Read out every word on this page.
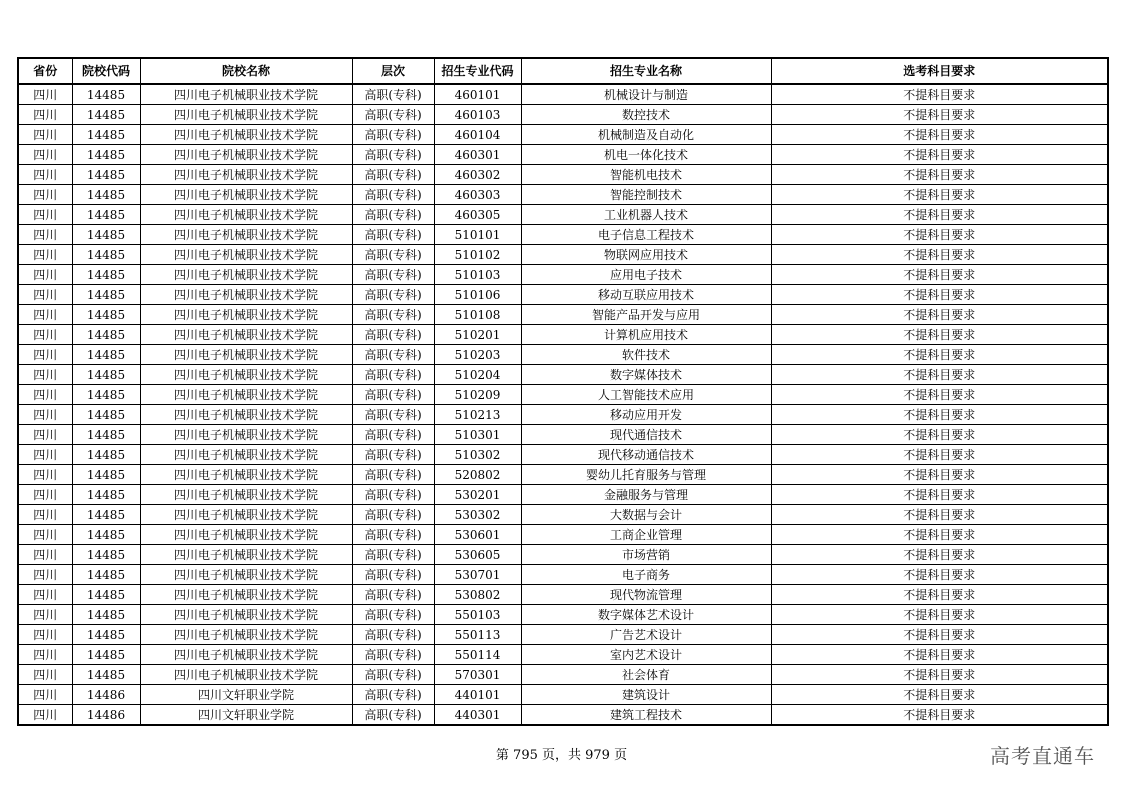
省份	院校代码	院校名称	层次	招生专业代码	招生专业名称	选考科目要求
四川	14485	四川电子机械职业技术学院	高职(专科)	460101	机械设计与制造	不提科目要求
四川	14485	四川电子机械职业技术学院	高职(专科)	460103	数控技术	不提科目要求
四川	14485	四川电子机械职业技术学院	高职(专科)	460104	机械制造及自动化	不提科目要求
四川	14485	四川电子机械职业技术学院	高职(专科)	460301	机电一体化技术	不提科目要求
四川	14485	四川电子机械职业技术学院	高职(专科)	460302	智能机电技术	不提科目要求
四川	14485	四川电子机械职业技术学院	高职(专科)	460303	智能控制技术	不提科目要求
四川	14485	四川电子机械职业技术学院	高职(专科)	460305	工业机器人技术	不提科目要求
四川	14485	四川电子机械职业技术学院	高职(专科)	510101	电子信息工程技术	不提科目要求
四川	14485	四川电子机械职业技术学院	高职(专科)	510102	物联网应用技术	不提科目要求
四川	14485	四川电子机械职业技术学院	高职(专科)	510103	应用电子技术	不提科目要求
四川	14485	四川电子机械职业技术学院	高职(专科)	510106	移动互联应用技术	不提科目要求
四川	14485	四川电子机械职业技术学院	高职(专科)	510108	智能产品开发与应用	不提科目要求
四川	14485	四川电子机械职业技术学院	高职(专科)	510201	计算机应用技术	不提科目要求
四川	14485	四川电子机械职业技术学院	高职(专科)	510203	软件技术	不提科目要求
四川	14485	四川电子机械职业技术学院	高职(专科)	510204	数字媒体技术	不提科目要求
四川	14485	四川电子机械职业技术学院	高职(专科)	510209	人工智能技术应用	不提科目要求
四川	14485	四川电子机械职业技术学院	高职(专科)	510213	移动应用开发	不提科目要求
四川	14485	四川电子机械职业技术学院	高职(专科)	510301	现代通信技术	不提科目要求
四川	14485	四川电子机械职业技术学院	高职(专科)	510302	现代移动通信技术	不提科目要求
四川	14485	四川电子机械职业技术学院	高职(专科)	520802	婴幼儿托育服务与管理	不提科目要求
四川	14485	四川电子机械职业技术学院	高职(专科)	530201	金融服务与管理	不提科目要求
四川	14485	四川电子机械职业技术学院	高职(专科)	530302	大数据与会计	不提科目要求
四川	14485	四川电子机械职业技术学院	高职(专科)	530601	工商企业管理	不提科目要求
四川	14485	四川电子机械职业技术学院	高职(专科)	530605	市场营销	不提科目要求
四川	14485	四川电子机械职业技术学院	高职(专科)	530701	电子商务	不提科目要求
四川	14485	四川电子机械职业技术学院	高职(专科)	530802	现代物流管理	不提科目要求
四川	14485	四川电子机械职业技术学院	高职(专科)	550103	数字媒体艺术设计	不提科目要求
四川	14485	四川电子机械职业技术学院	高职(专科)	550113	广告艺术设计	不提科目要求
四川	14485	四川电子机械职业技术学院	高职(专科)	550114	室内艺术设计	不提科目要求
四川	14485	四川电子机械职业技术学院	高职(专科)	570301	社会体育	不提科目要求
四川	14486	四川文轩职业学院	高职(专科)	440101	建筑设计	不提科目要求
四川	14486	四川文轩职业学院	高职(专科)	440301	建筑工程技术	不提科目要求
第 795 页，共 979 页	高考直通车
